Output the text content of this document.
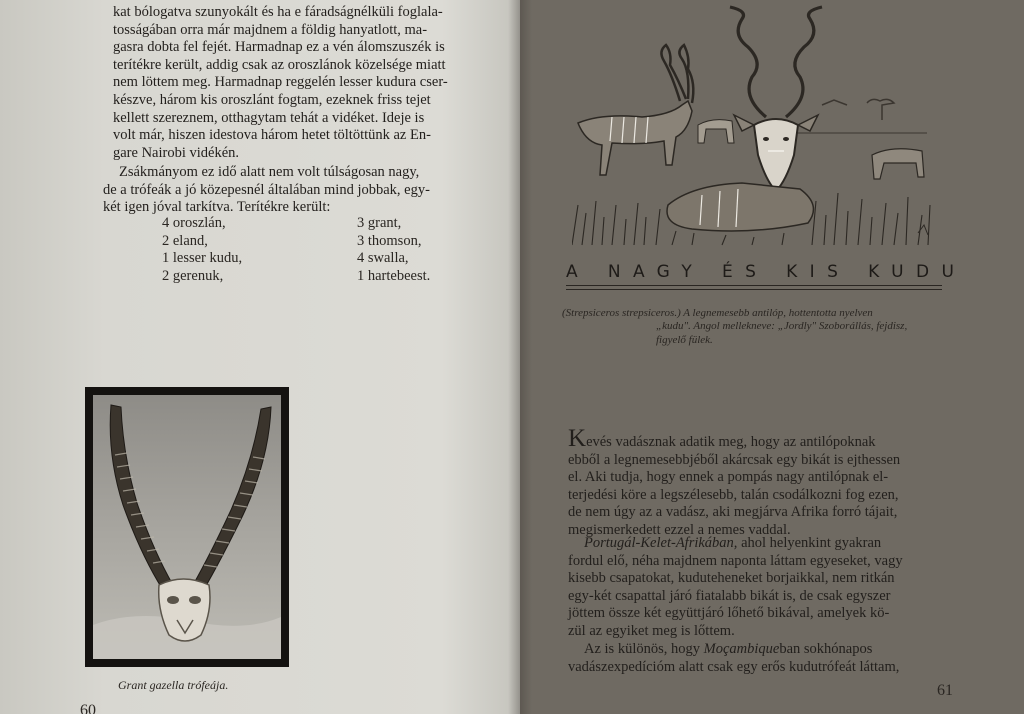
kat bólogatva szunyokált és ha e fáradságnélküli foglala-
tosságában orra már majdnem a földig hanyatlott, ma-
gasra dobta fel fejét. Harmadnap ez a vén álomszuszék is
terítékre került, addig csak az oroszlánok közelsége miatt
nem löttem meg. Harmadnap reggelén lesser kudura cser-
készve, három kis oroszlánt fogtam, ezeknek friss tejet
kellett szereznem, otthagytam tehát a vidéket. Ideje is
volt már, hiszen idestova három hetet töltöttünk az En-
gare Nairobi vidékén.
Zsákmányom ez idő alatt nem volt túlságosan nagy,
de a trófeák a jó közepesnél általában mind jobbak, egy-
két igen jóval tarkítva. Terítékre került:
4 oroszlán,	3 grant,
2 eland,	3 thomson,
1 lesser kudu,	4 swalla,
2 gerenuk,	1 hartebeest.
Grant gazella trófeája.
60
A NAGY ÉS KIS KUDU
(Strepsiceros strepsiceros.) A legnemesebb antilóp, hottentotta nyelven
„kudu". Angol mellekneve: „Jordly" Szoborállás, fejdisz,
figyelő fülek.
Kevés vadásznak adatik meg, hogy az antilópoknak
ebből a legnemesebbjéből akárcsak egy bikát is ejthessen
el. Aki tudja, hogy ennek a pompás nagy antilópnak el-
terjedési köre a legszélesebb, talán csodálkozni fog ezen,
de nem úgy az a vadász, aki megjárva Afrika forró tájait,
megismerkedett ezzel a nemes vaddal.
Portugál-Kelet-Afrikában, ahol helyenkint gyakran
fordul elő, néha majdnem naponta láttam egyeseket, vagy
kisebb csapatokat, kuduteheneket borjaikkal, nem ritkán
egy-két csapattal járó fiatalabb bikát is, de csak egyszer
jöttem össze két együttjáró lőhető bikával, amelyek kö-
zül az egyiket meg is lőttem.
Az is különös, hogy Moçambiqueban sokhónapos
vadászexpedícióm alatt csak egy erős kudutrófeát láttam,
61
